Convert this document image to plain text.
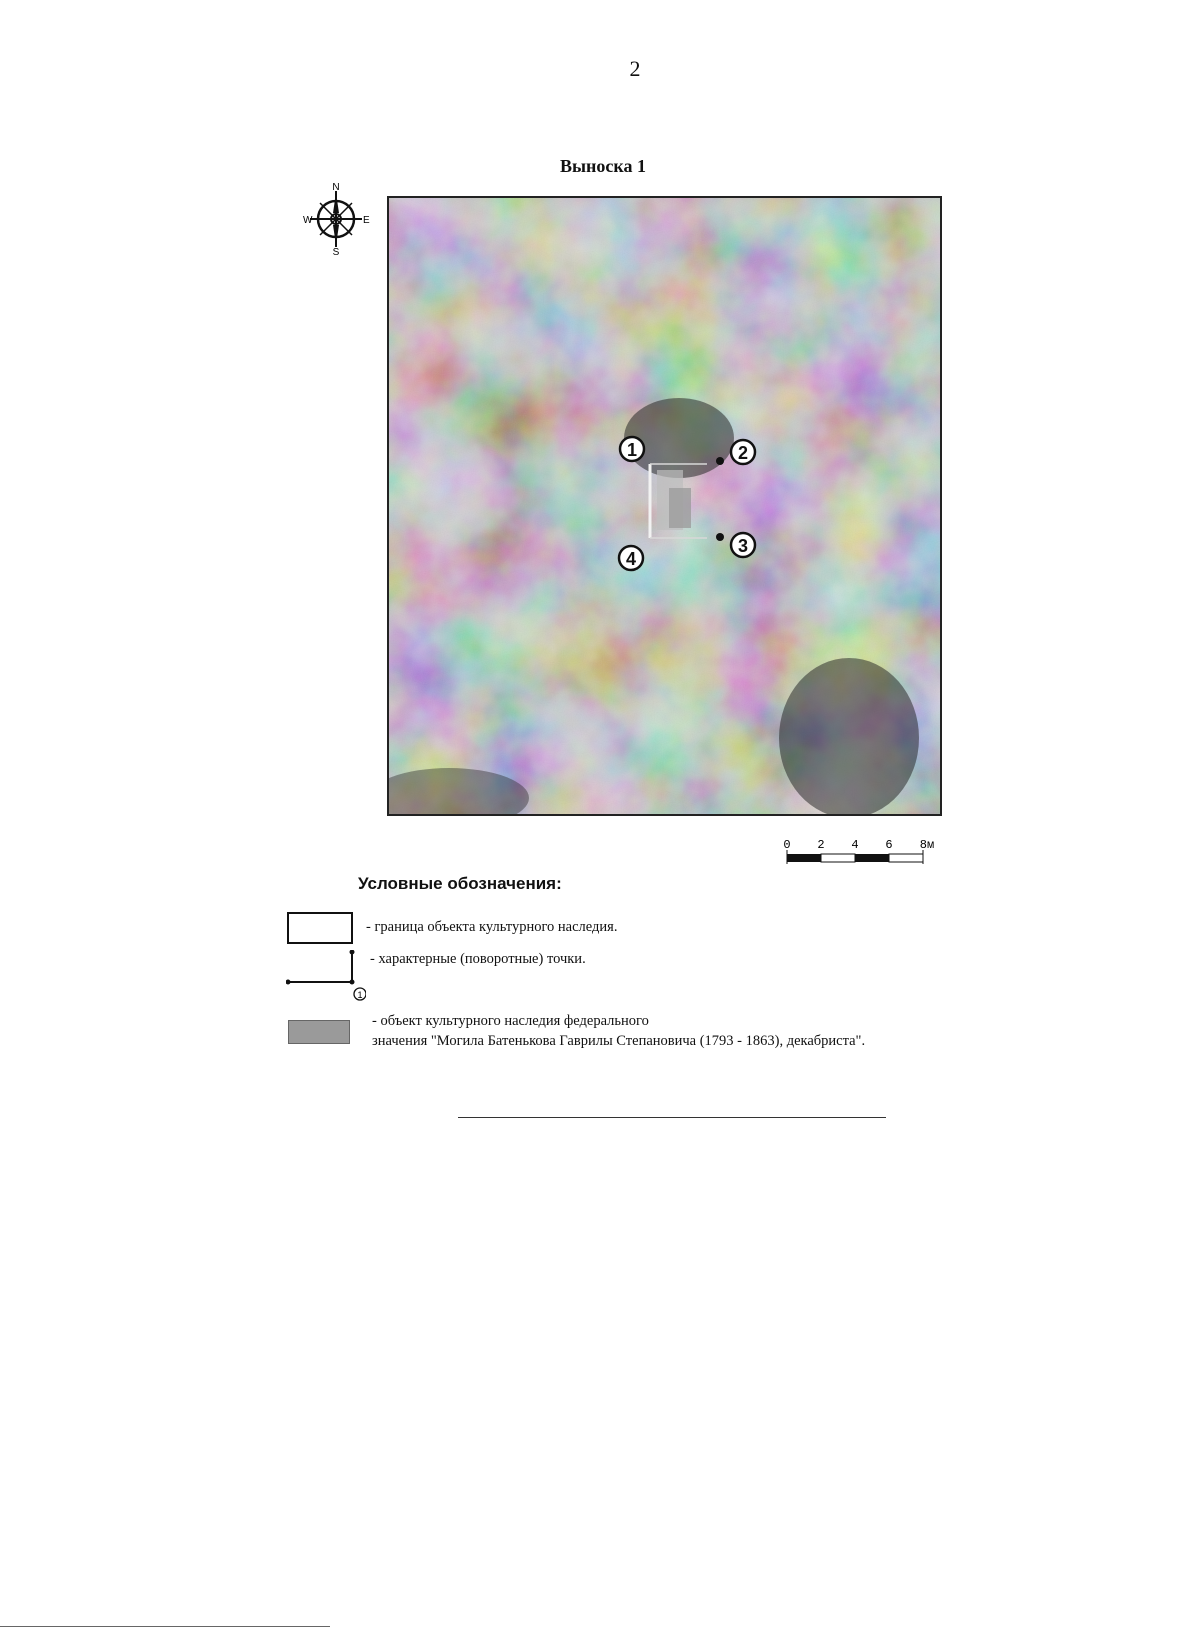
2
Выноска 1
N
S
W	E
1	2
3
4
0 2 4 6 8м
Условные обозначения:
- граница объекта культурного наследия.
1
- характерные (поворотные) точки.
- объект культурного наследия федерального
значения "Могила Батенькова Гаврилы Степановича (1793 - 1863), декабриста".
